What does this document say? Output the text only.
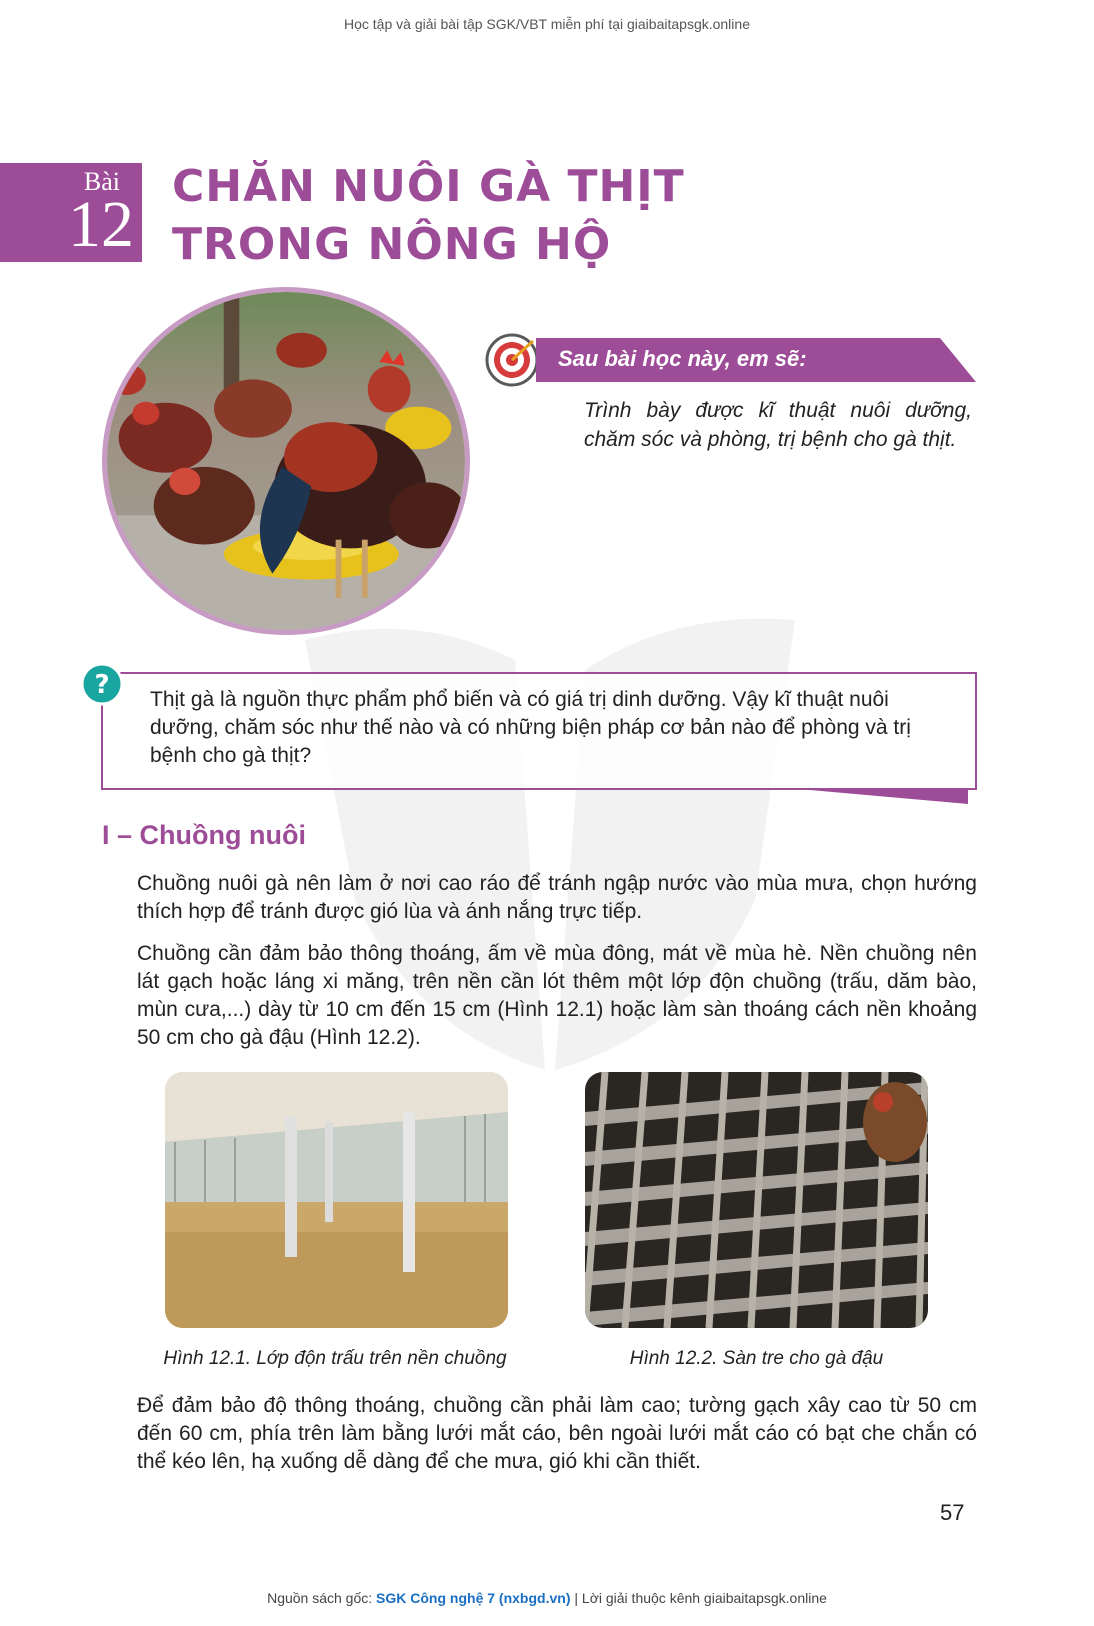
Học tập và giải bài tập SGK/VBT miễn phí tại giaibaitapsgk.online
Bài
12
CHĂN NUÔI GÀ THỊT
TRONG NÔNG HỘ
Sau bài học này, em sẽ:
Trình bày được kĩ thuật nuôi dưỡng, chăm sóc và phòng, trị bệnh cho gà thịt.
? Thịt gà là nguồn thực phẩm phổ biến và có giá trị dinh dưỡng. Vậy kĩ thuật nuôi dưỡng, chăm sóc như thế nào và có những biện pháp cơ bản nào để phòng và trị bệnh cho gà thịt?
I – Chuồng nuôi
Chuồng nuôi gà nên làm ở nơi cao ráo để tránh ngập nước vào mùa mưa, chọn hướng thích hợp để tránh được gió lùa và ánh nắng trực tiếp.
Chuồng cần đảm bảo thông thoáng, ấm về mùa đông, mát về mùa hè. Nền chuồng nên lát gạch hoặc láng xi măng, trên nền cần lót thêm một lớp độn chuồng (trấu, dăm bào, mùn cưa,...) dày từ 10 cm đến 15 cm (Hình 12.1) hoặc làm sàn thoáng cách nền khoảng 50 cm cho gà đậu (Hình 12.2).
Hình 12.1. Lớp độn trấu trên nền chuồng	Hình 12.2. Sàn tre cho gà đậu
Để đảm bảo độ thông thoáng, chuồng cần phải làm cao; tường gạch xây cao từ 50 cm đến 60 cm, phía trên làm bằng lưới mắt cáo, bên ngoài lưới mắt cáo có bạt che chắn có thể kéo lên, hạ xuống dễ dàng để che mưa, gió khi cần thiết.
57
Nguồn sách gốc: SGK Công nghệ 7 (nxbgd.vn) | Lời giải thuộc kênh giaibaitapsgk.online
